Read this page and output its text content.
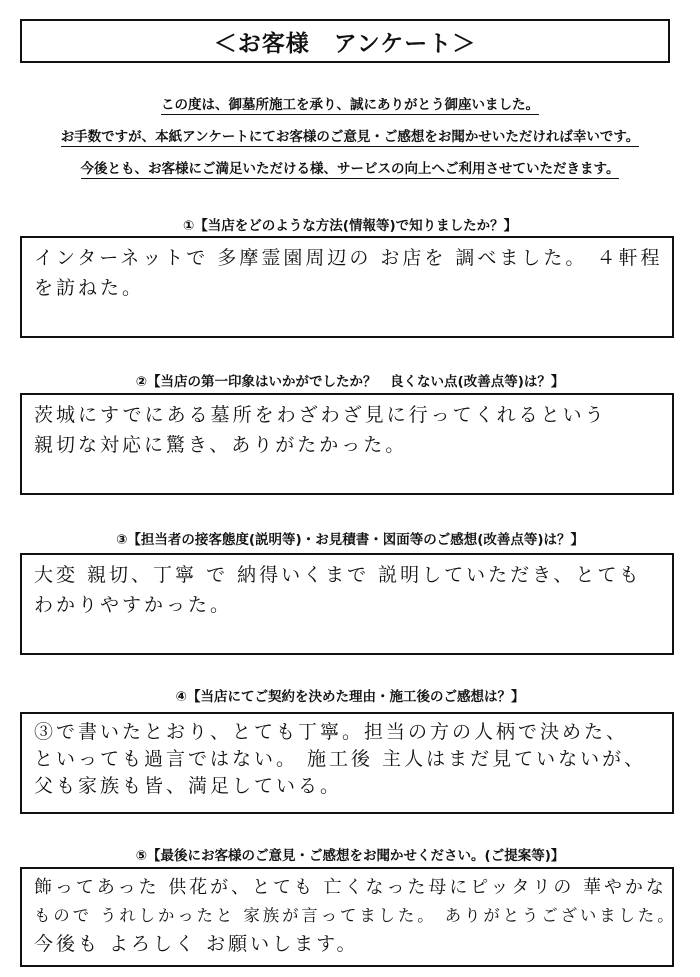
＜お客様　アンケート＞
この度は、御墓所施工を承り、誠にありがとう御座いました。
お手数ですが、本紙アンケートにてお客様のご意見・ご感想をお聞かせいただければ幸いです。
今後とも、お客様にご満足いただける様、サービスの向上へご利用させていただきます。
①【当店をどのような方法(情報等)で知りましたか？】
インターネットで 多摩霊園周辺の お店を 調べました。 ４軒程
を訪ねた。
②【当店の第一印象はいかがでしたか？　良くない点(改善点等)は？】
茨城にすでにある墓所をわざわざ見に行ってくれるという
親切な対応に驚き、ありがたかった。
③【担当者の接客態度(説明等)・お見積書・図面等のご感想(改善点等)は？】
大変 親切、丁寧 で 納得いくまで 説明していただき、とても
わかりやすかった。
④【当店にてご契約を決めた理由・施工後のご感想は？】
③で書いたとおり、とても丁寧。担当の方の人柄で決めた、
といっても過言ではない。 施工後 主人はまだ見ていないが、
父も家族も皆、満足している。
⑤【最後にお客様のご意見・ご感想をお聞かせください。(ご提案等)】
飾ってあった 供花が、とても 亡くなった母にピッタリの 華やかな
もので うれしかったと 家族が言ってました。 ありがとうございました。
今後も よろしく お願いします。
